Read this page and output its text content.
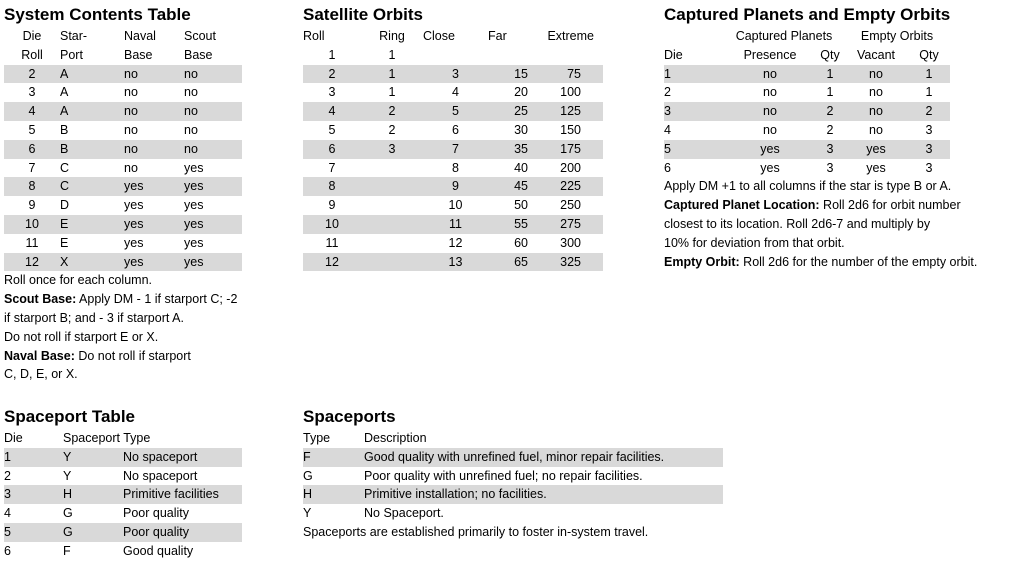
System Contents Table
Die	Star-	Naval	Scout
Roll	Port	Base	Base
2	A	no	no
3	A	no	no
4	A	no	no
5	B	no	no
6	B	no	no
7	C	no	yes
8	C	yes	yes
9	D	yes	yes
10	E	yes	yes
11	E	yes	yes
12	X	yes	yes
Roll once for each column.
Scout Base: Apply DM - 1 if starport C; -2
if starport B; and - 3 if starport A.
Do not roll if starport E or X.
Naval Base: Do not roll if starport
C, D, E, or X.
Satellite Orbits
Roll	Ring	Close	Far	Extreme
1	1			
2	1	3	15	75
3	1	4	20	100
4	2	5	25	125
5	2	6	30	150
6	3	7	35	175
7		8	40	200
8		9	45	225
9		10	50	250
10		11	55	275
11		12	60	300
12		13	65	325
Captured Planets and Empty Orbits
	Captured Planets		Empty Orbits	
Die	Presence	Qty	Vacant	Qty
1	no	1	no	1
2	no	1	no	1
3	no	2	no	2
4	no	2	no	3
5	yes	3	yes	3
6	yes	3	yes	3
Apply DM +1 to all columns if the star is type B or A.
Captured Planet Location: Roll 2d6 for orbit number
closest to its location. Roll 2d6-7 and multiply by
10% for deviation from that orbit.
Empty Orbit: Roll 2d6 for the number of the empty orbit.
Spaceport Table
Die	Spaceport Type	
1	Y	No spaceport
2	Y	No spaceport
3	H	Primitive facilities
4	G	Poor quality
5	G	Poor quality
6	F	Good quality
Spaceports
Type	Description
F	Good quality with unrefined fuel, minor repair facilities.
G	Poor quality with unrefined fuel; no repair facilities.
H	Primitive installation; no facilities.
Y	No Spaceport.
Spaceports are established primarily to foster in-system travel.
